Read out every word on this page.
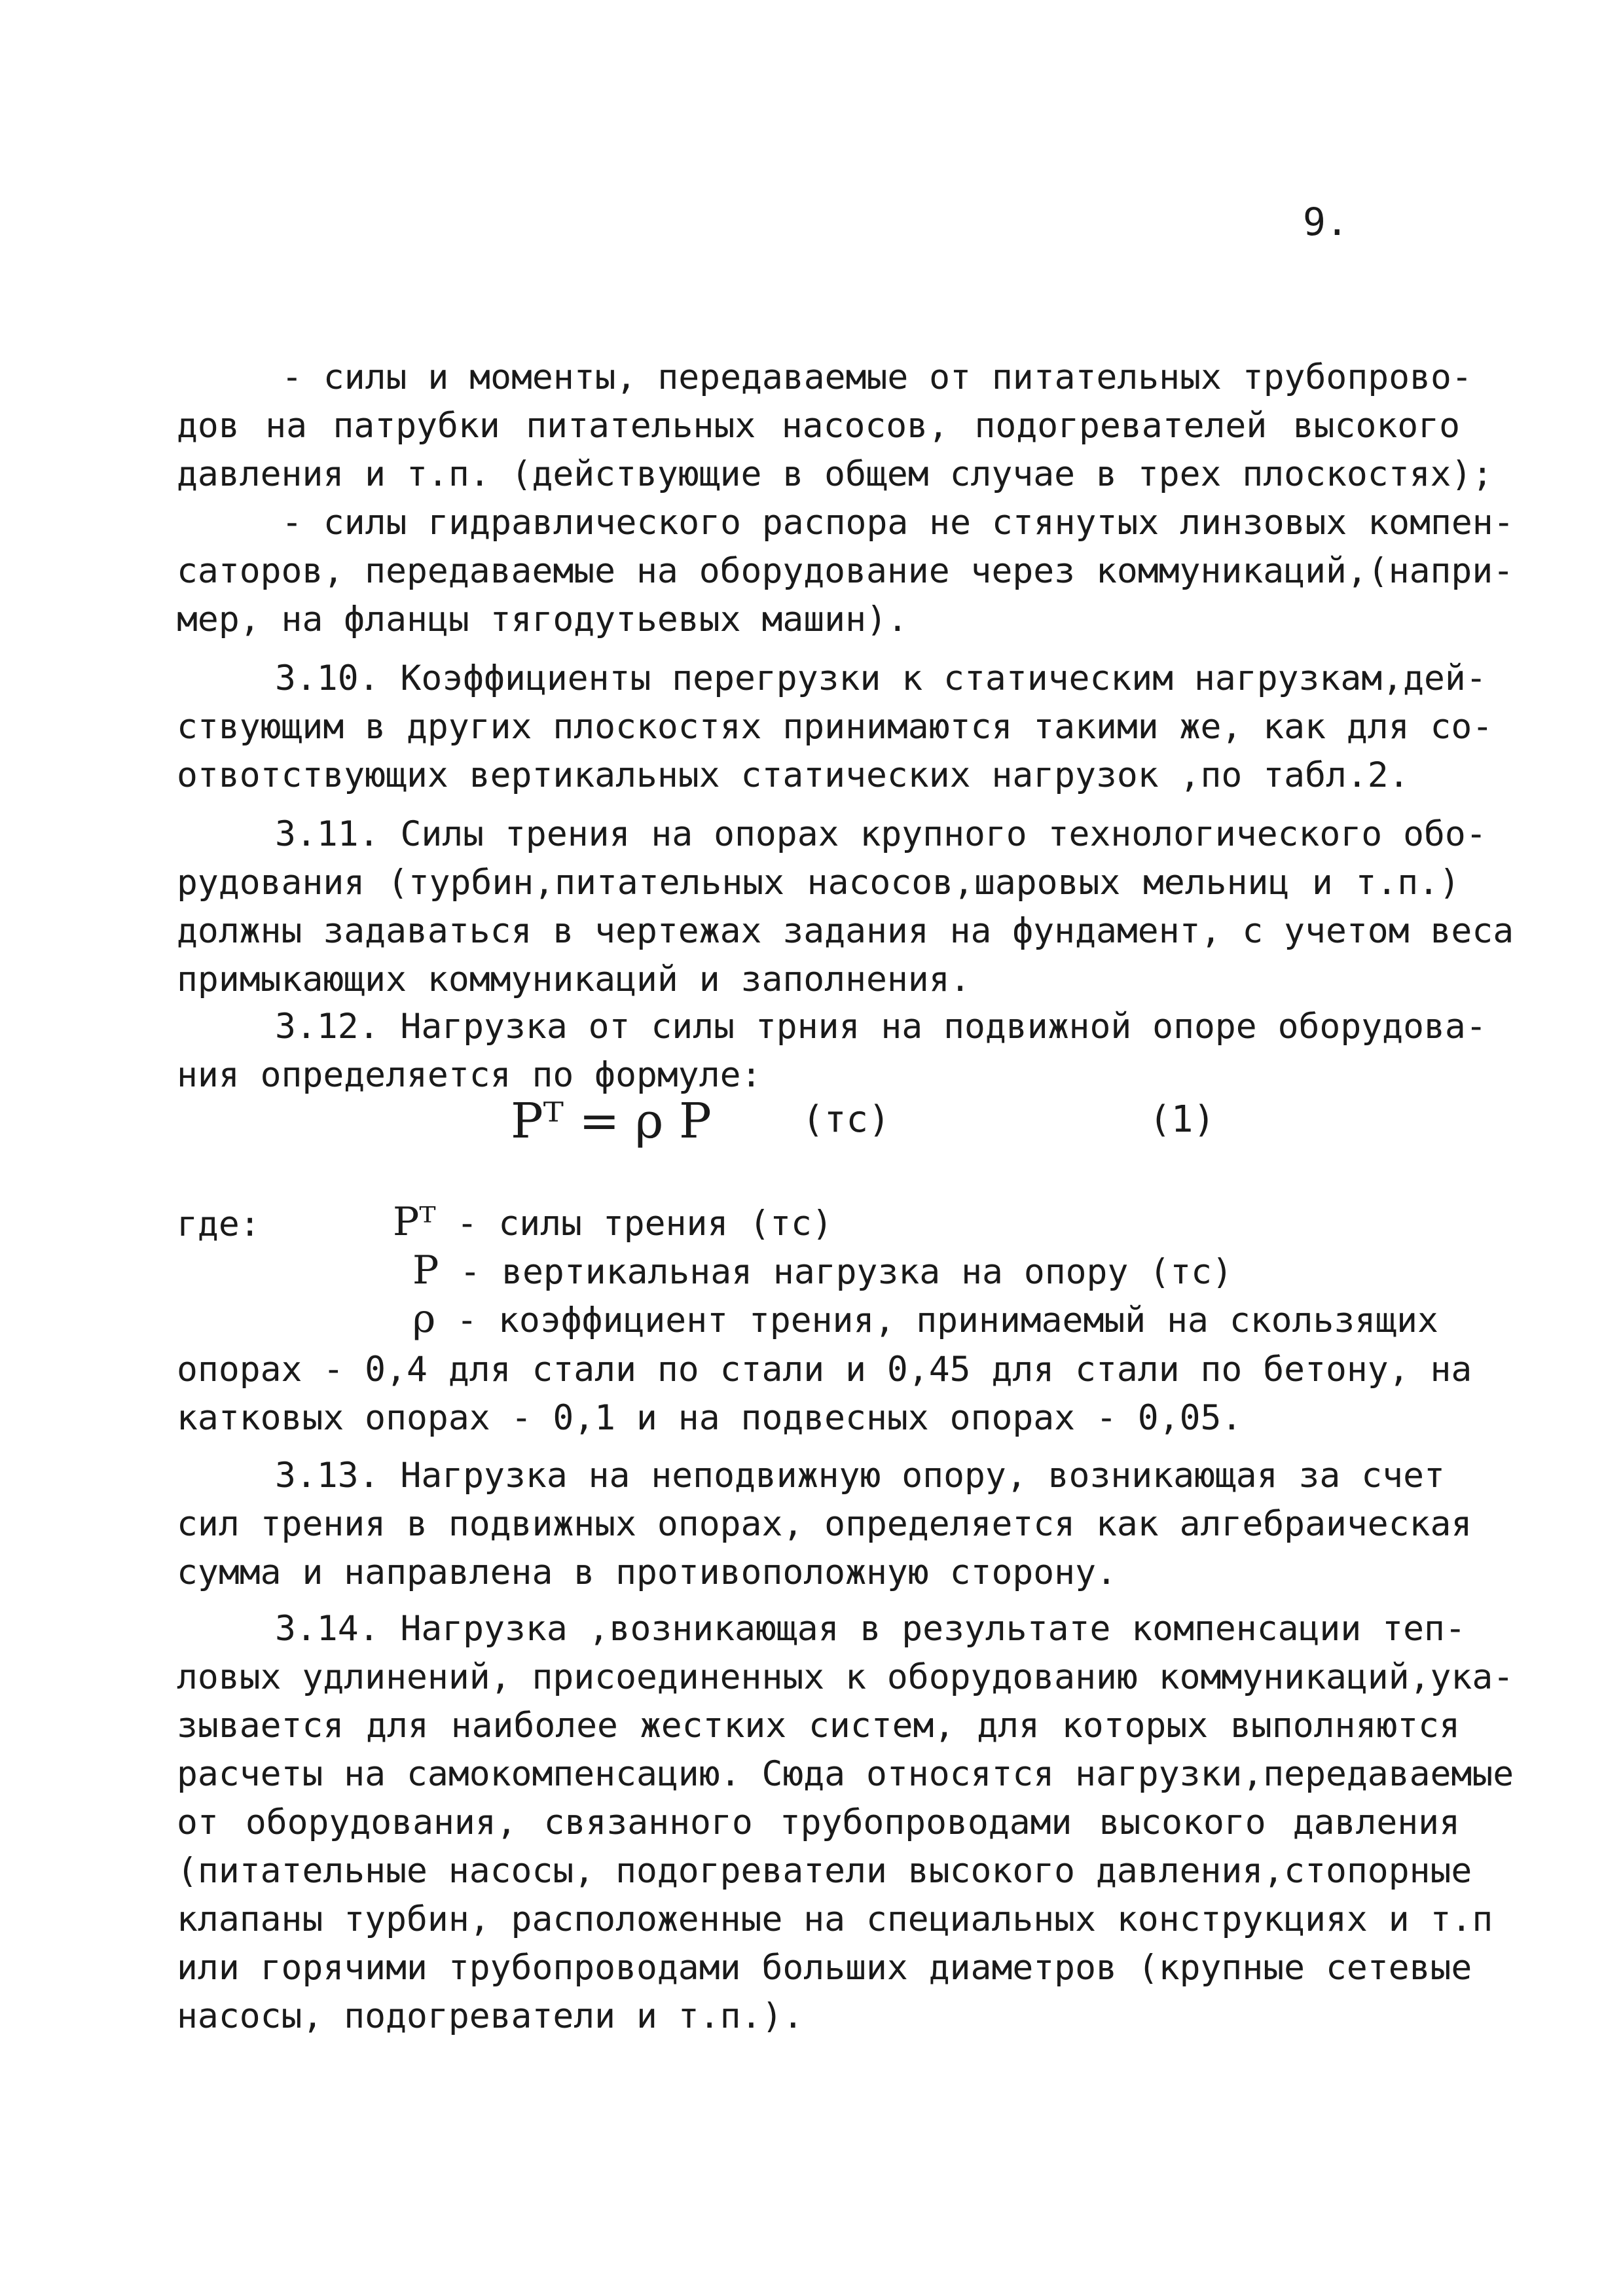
9.
- силы и моменты, передаваемые от питательных трубопрово-
дов на патрубки питательных насосов, подогревателей высокого
давления и т.п. (действующие в общем случае в трех плоскостях);
- силы гидравлического распора не стянутых линзовых компен-
саторов, передаваемые на оборудование через коммуникаций,(напри-
мер, на фланцы тягодутьевых машин).
3.10. Коэффициенты перегрузки к статическим нагрузкам,дей-
ствующим в других плоскостях принимаются такими же, как для со-
отвотствующих вертикальных статических нагрузок ,по табл.2.
3.11. Силы трения на опорах крупного технологического обо-
рудования (турбин,питательных насосов,шаровых мельниц и т.п.)
должны задаваться в чертежах задания на фундамент, с учетом веса
примыкающих коммуникаций и заполнения.
3.12. Нагрузка от силы трния на подвижной опоре оборудова-
ния определяется по формуле:
Pᵀ = ρ P (тс)	(1)
где:	Pᵀ - силы трения (тс)
P - вертикальная нагрузка на опору (тс)
ρ - коэффициент трения, принимаемый на скользящих
опорах - 0,4 для стали по стали и 0,45 для стали по бетону, на
катковых опорах - 0,1 и на подвесных опорах - 0,05.
3.13. Нагрузка на неподвижную опору, возникающая за счет
сил трения в подвижных опорах, определяется как алгебраическая
сумма и направлена в противоположную сторону.
3.14. Нагрузка ,возникающая в результате компенсации теп-
ловых удлинений, присоединенных к оборудованию коммуникаций,ука-
зывается для наиболее жестких систем, для которых выполняются
расчеты на самокомпенсацию. Сюда относятся нагрузки,передаваемые
от оборудования, связанного трубопроводами высокого давления
(питательные насосы, подогреватели высокого давления,стопорные
клапаны турбин, расположенные на специальных конструкциях и т.п
или горячими трубопроводами больших диаметров (крупные сетевые
насосы, подогреватели и т.п.).
